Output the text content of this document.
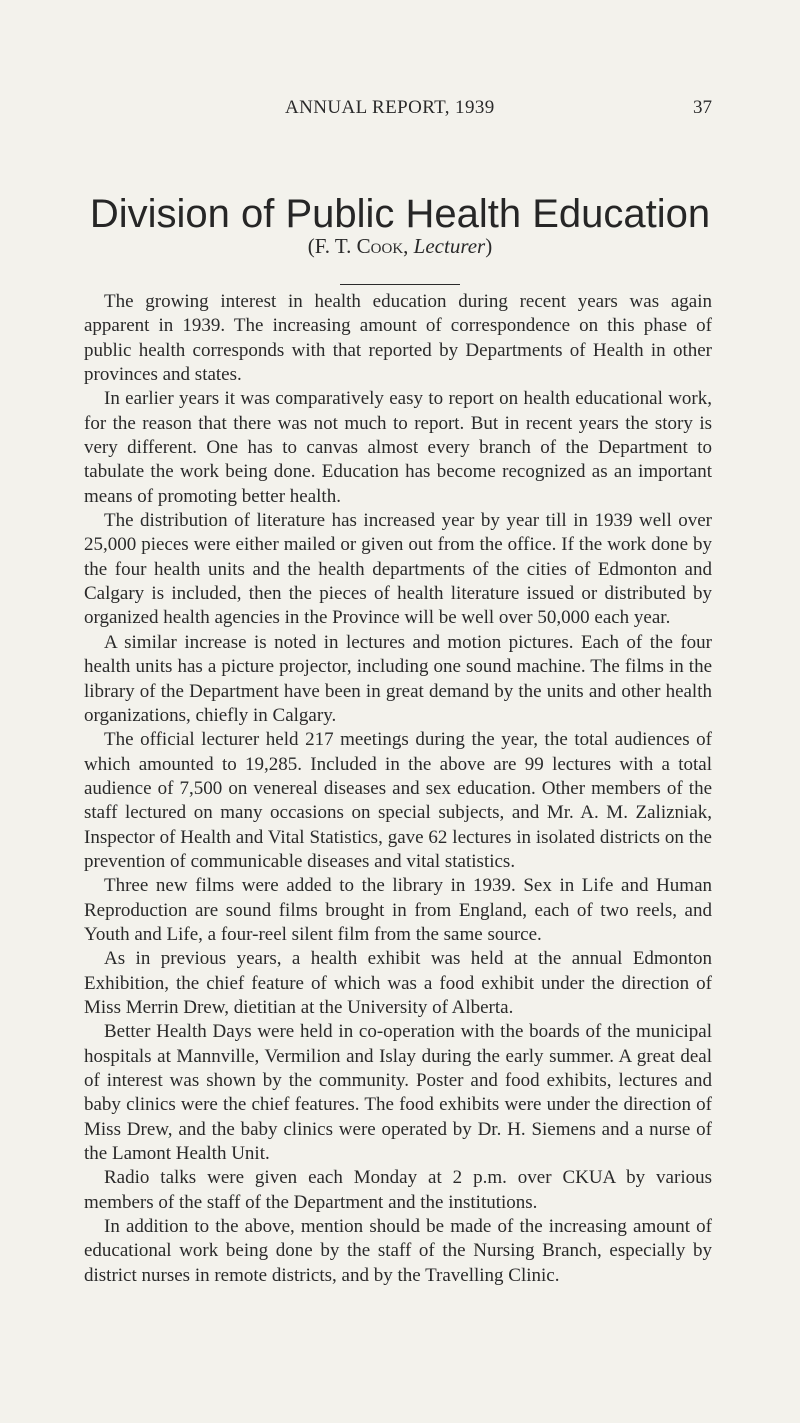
ANNUAL REPORT, 1939	37
Division of Public Health Education
(F. T. Cook, Lecturer)

The growing interest in health education during recent years was again apparent in 1939. The increasing amount of correspondence on this phase of public health corresponds with that reported by Departments of Health in other provinces and states.

In earlier years it was comparatively easy to report on health educational work, for the reason that there was not much to report. But in recent years the story is very different. One has to canvas almost every branch of the Department to tabulate the work being done. Education has become recognized as an important means of promoting better health.

The distribution of literature has increased year by year till in 1939 well over 25,000 pieces were either mailed or given out from the office. If the work done by the four health units and the health departments of the cities of Edmonton and Calgary is included, then the pieces of health literature issued or distributed by organized health agencies in the Province will be well over 50,000 each year.

A similar increase is noted in lectures and motion pictures. Each of the four health units has a picture projector, including one sound machine. The films in the library of the Department have been in great demand by the units and other health organizations, chiefly in Calgary.

The official lecturer held 217 meetings during the year, the total audiences of which amounted to 19,285. Included in the above are 99 lectures with a total audience of 7,500 on venereal diseases and sex education. Other members of the staff lectured on many occasions on special subjects, and Mr. A. M. Zalizniak, Inspector of Health and Vital Statistics, gave 62 lectures in isolated districts on the prevention of communicable diseases and vital statistics.

Three new films were added to the library in 1939. Sex in Life and Human Reproduction are sound films brought in from England, each of two reels, and Youth and Life, a four-reel silent film from the same source.

As in previous years, a health exhibit was held at the annual Edmonton Exhibition, the chief feature of which was a food exhibit under the direction of Miss Merrin Drew, dietitian at the University of Alberta.

Better Health Days were held in co-operation with the boards of the municipal hospitals at Mannville, Vermilion and Islay during the early summer. A great deal of interest was shown by the community. Poster and food exhibits, lectures and baby clinics were the chief features. The food exhibits were under the direction of Miss Drew, and the baby clinics were operated by Dr. H. Siemens and a nurse of the Lamont Health Unit.

Radio talks were given each Monday at 2 p.m. over CKUA by various members of the staff of the Department and the institutions.

In addition to the above, mention should be made of the increasing amount of educational work being done by the staff of the Nursing Branch, especially by district nurses in remote districts, and by the Travelling Clinic.
